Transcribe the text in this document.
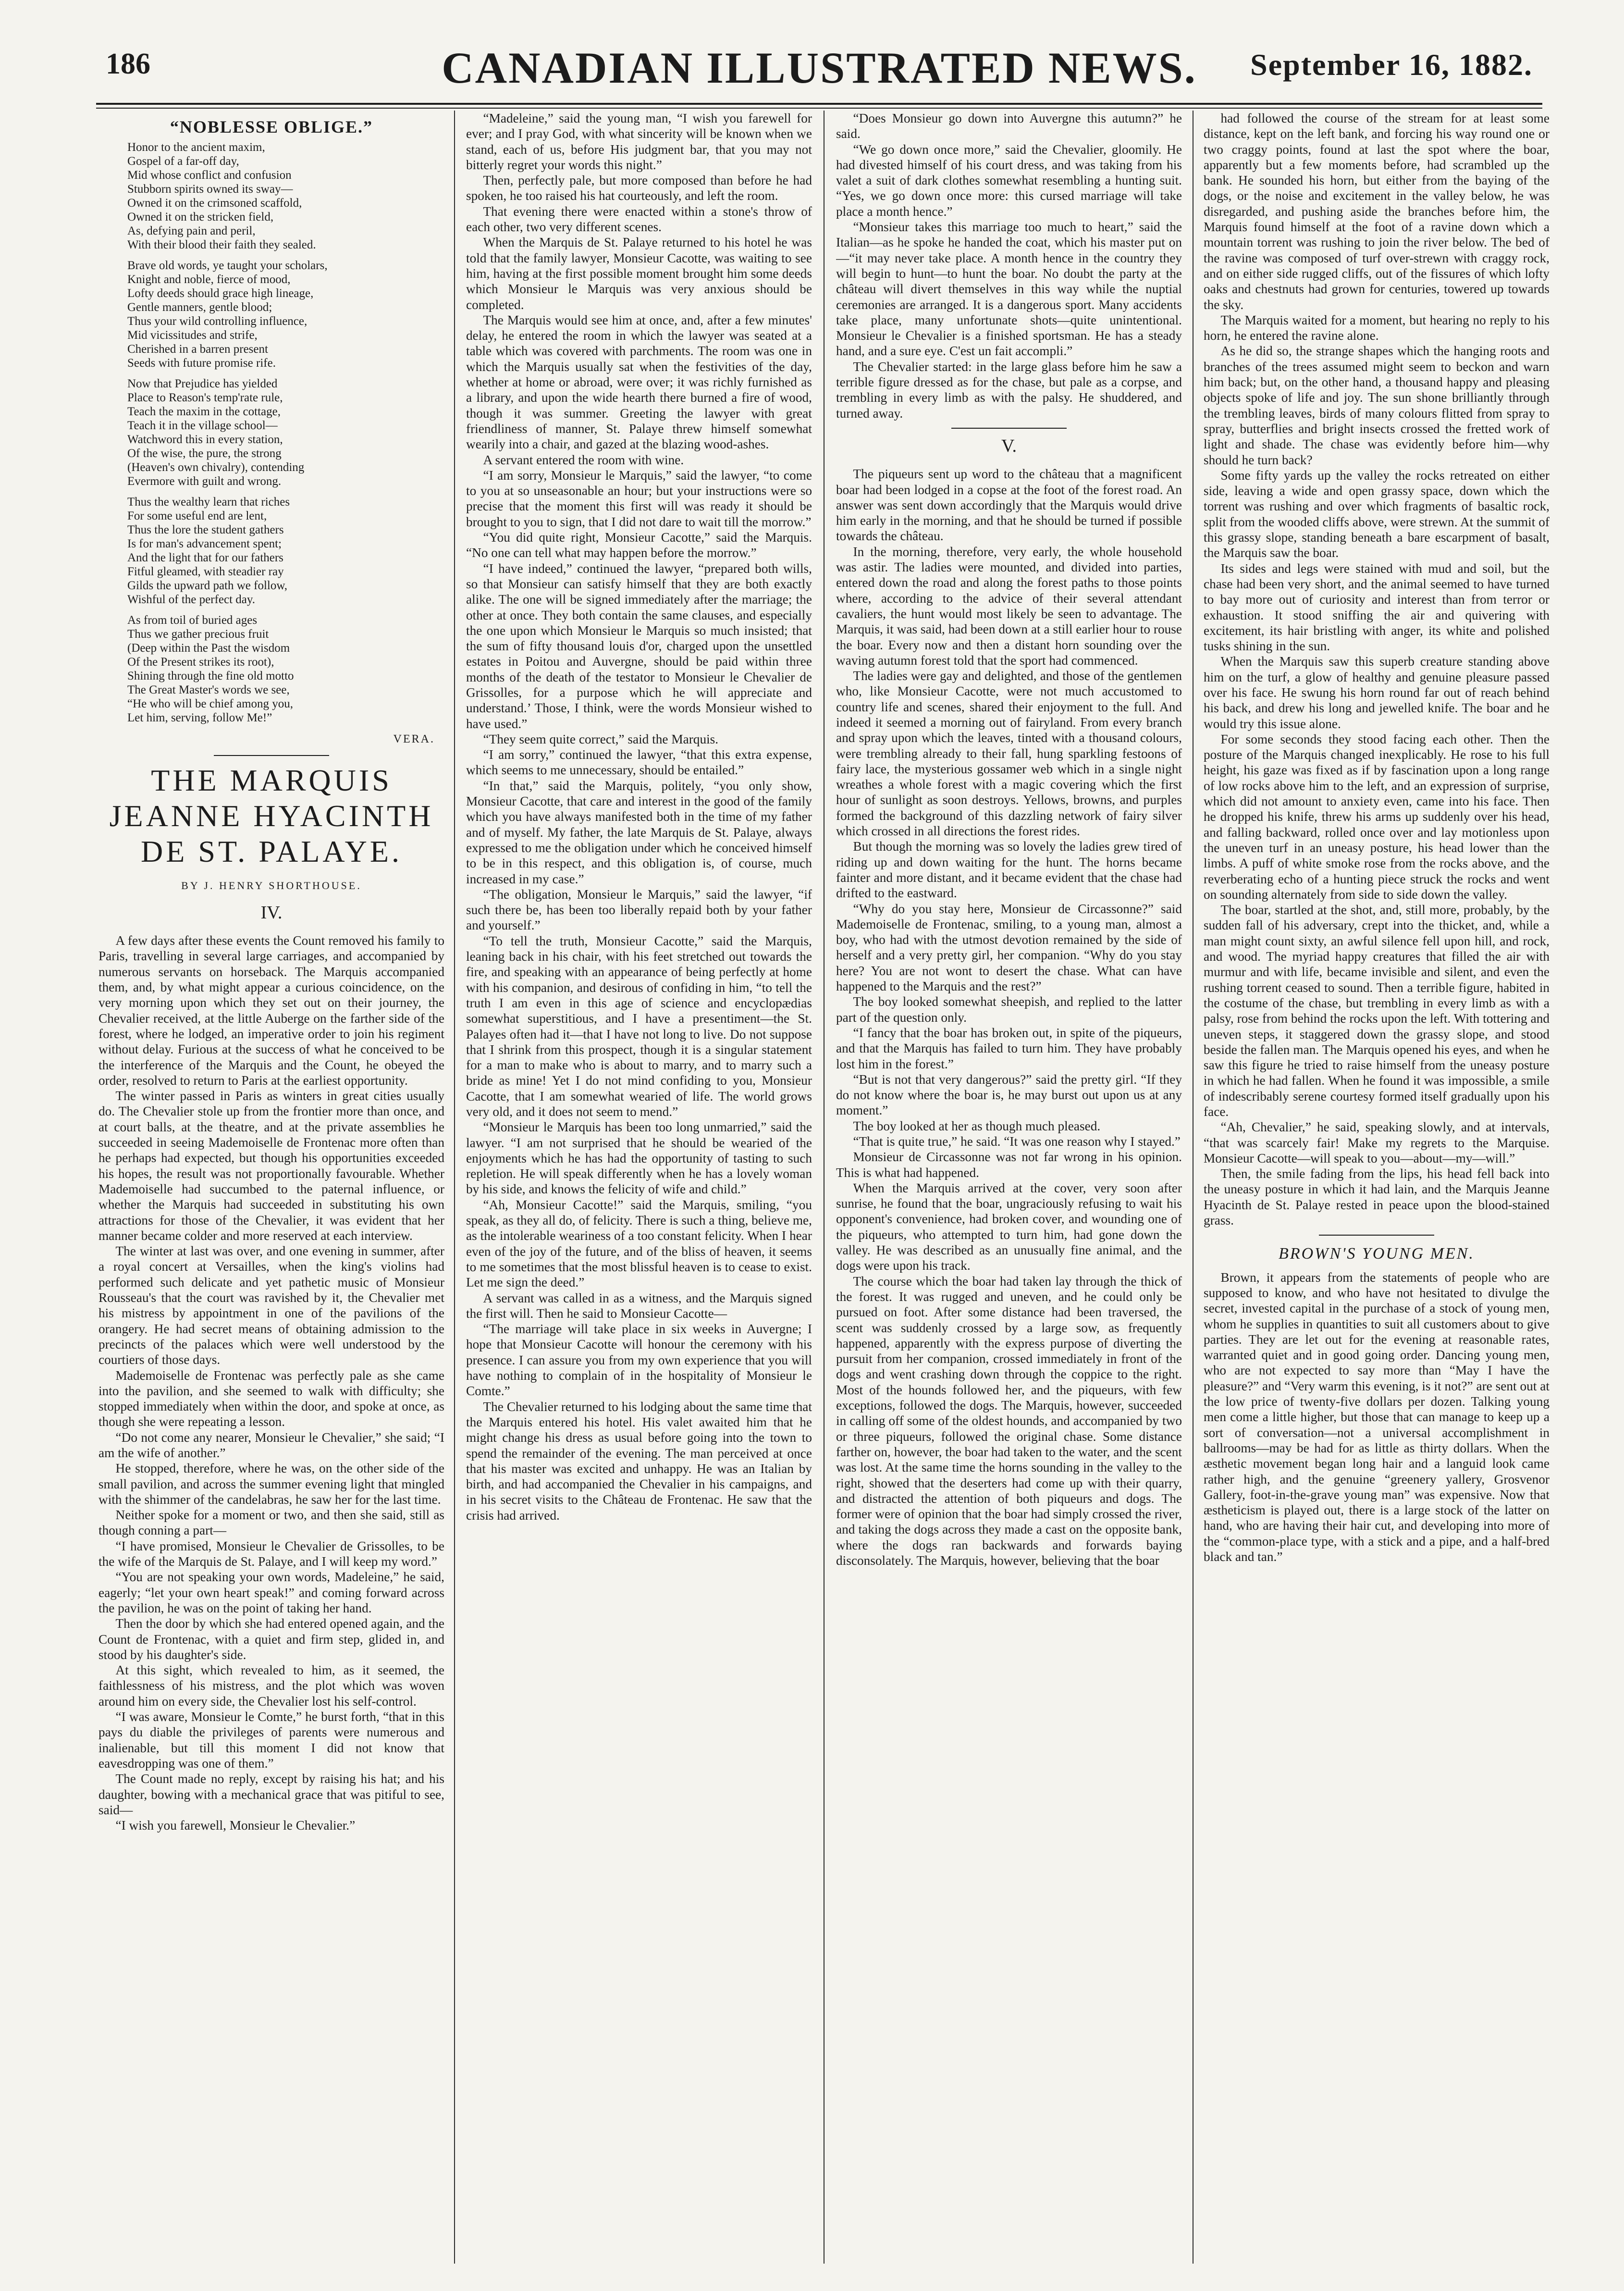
186	CANADIAN ILLUSTRATED NEWS.	September 16, 1882.
“NOBLESSE OBLIGE.”
Honor to the ancient maxim,
Gospel of a far-off day,
Mid whose conflict and confusion
Stubborn spirits owned its sway—
Owned it on the crimsoned scaffold,
Owned it on the stricken field,
As, defying pain and peril,
With their blood their faith they sealed.
Brave old words, ye taught your scholars,
Knight and noble, fierce of mood,
Lofty deeds should grace high lineage,
Gentle manners, gentle blood;
Thus your wild controlling influence,
Mid vicissitudes and strife,
Cherished in a barren present
Seeds with future promise rife.
Now that Prejudice has yielded
Place to Reason's temp'rate rule,
Teach the maxim in the cottage,
Teach it in the village school—
Watchword this in every station,
Of the wise, the pure, the strong
(Heaven's own chivalry), contending
Evermore with guilt and wrong.
Thus the wealthy learn that riches
For some useful end are lent,
Thus the lore the student gathers
Is for man's advancement spent;
And the light that for our fathers
Fitful gleamed, with steadier ray
Gilds the upward path we follow,
Wishful of the perfect day.
As from toil of buried ages
Thus we gather precious fruit
(Deep within the Past the wisdom
Of the Present strikes its root),
Shining through the fine old motto
The Great Master's words we see,
“He who will be chief among you,
Let him, serving, follow Me!”
VERA.
THE MARQUIS JEANNE HYACINTH DE ST. PALAYE.
BY J. HENRY SHORTHOUSE.
IV.

A few days after these events the Count removed his family to Paris, travelling in several large carriages, and accompanied by numerous servants on horseback. The Marquis accompanied them, and, by what might appear a curious coincidence, on the very morning upon which they set out on their journey, the Chevalier received, at the little Auberge on the farther side of the forest, where he lodged, an imperative order to join his regiment without delay. Furious at the success of what he conceived to be the interference of the Marquis and the Count, he obeyed the order, resolved to return to Paris at the earliest opportunity.

The winter passed in Paris as winters in great cities usually do. The Chevalier stole up from the frontier more than once, and at court balls, at the theatre, and at the private assemblies he succeeded in seeing Mademoiselle de Frontenac more often than he perhaps had expected, but though his opportunities exceeded his hopes, the result was not proportionally favourable. Whether Mademoiselle had succumbed to the paternal influence, or whether the Marquis had succeeded in substituting his own attractions for those of the Chevalier, it was evident that her manner became colder and more reserved at each interview.

The winter at last was over, and one evening in summer, after a royal concert at Versailles, when the king's violins had performed such delicate and yet pathetic music of Monsieur Rousseau's that the court was ravished by it, the Chevalier met his mistress by appointment in one of the pavilions of the orangery. He had secret means of obtaining admission to the precincts of the palaces which were well understood by the courtiers of those days.

Mademoiselle de Frontenac was perfectly pale as she came into the pavilion, and she seemed to walk with difficulty; she stopped immediately when within the door, and spoke at once, as though she were repeating a lesson.

“Do not come any nearer, Monsieur le Chevalier,” she said; “I am the wife of another.”

He stopped, therefore, where he was, on the other side of the small pavilion, and across the summer evening light that mingled with the shimmer of the candelabras, he saw her for the last time.

Neither spoke for a moment or two, and then she said, still as though conning a part—

“I have promised, Monsieur le Chevalier de Grissolles, to be the wife of the Marquis de St. Palaye, and I will keep my word.”

“You are not speaking your own words, Madeleine,” he said, eagerly; “let your own heart speak!” and coming forward across the pavilion, he was on the point of taking her hand.

Then the door by which she had entered opened again, and the Count de Frontenac, with a quiet and firm step, glided in, and stood by his daughter's side.

At this sight, which revealed to him, as it seemed, the faithlessness of his mistress, and the plot which was woven around him on every side, the Chevalier lost his self-control.

“I was aware, Monsieur le Comte,” he burst forth, “that in this pays du diable the privileges of parents were numerous and inalienable, but till this moment I did not know that eavesdropping was one of them.”

The Count made no reply, except by raising his hat; and his daughter, bowing with a mechanical grace that was pitiful to see, said—

“I wish you farewell, Monsieur le Chevalier.”

“Madeleine,” said the young man, “I wish you farewell for ever; and I pray God, with what sincerity will be known when we stand, each of us, before His judgment bar, that you may not bitterly regret your words this night.”

Then, perfectly pale, but more composed than before he had spoken, he too raised his hat courteously, and left the room.

That evening there were enacted within a stone's throw of each other, two very different scenes.

When the Marquis de St. Palaye returned to his hotel he was told that the family lawyer, Monsieur Cacotte, was waiting to see him, having at the first possible moment brought him some deeds which Monsieur le Marquis was very anxious should be completed.

The Marquis would see him at once, and, after a few minutes' delay, he entered the room in which the lawyer was seated at a table which was covered with parchments. The room was one in which the Marquis usually sat when the festivities of the day, whether at home or abroad, were over; it was richly furnished as a library, and upon the wide hearth there burned a fire of wood, though it was summer. Greeting the lawyer with great friendliness of manner, St. Palaye threw himself somewhat wearily into a chair, and gazed at the blazing wood-ashes.

A servant entered the room with wine.

“I am sorry, Monsieur le Marquis,” said the lawyer, “to come to you at so unseasonable an hour; but your instructions were so precise that the moment this first will was ready it should be brought to you to sign, that I did not dare to wait till the morrow.”

“You did quite right, Monsieur Cacotte,” said the Marquis. “No one can tell what may happen before the morrow.”

“I have indeed,” continued the lawyer, “prepared both wills, so that Monsieur can satisfy himself that they are both exactly alike. The one will be signed immediately after the marriage; the other at once. They both contain the same clauses, and especially the one upon which Monsieur le Marquis so much insisted; that the sum of fifty thousand louis d'or, charged upon the unsettled estates in Poitou and Auvergne, should be paid within three months of the death of the testator to Monsieur le Chevalier de Grissolles, for a purpose which he will appreciate and understand.’ Those, I think, were the words Monsieur wished to have used.”

“They seem quite correct,” said the Marquis.

“I am sorry,” continued the lawyer, “that this extra expense, which seems to me unnecessary, should be entailed.”

“In that,” said the Marquis, politely, “you only show, Monsieur Cacotte, that care and interest in the good of the family which you have always manifested both in the time of my father and of myself. My father, the late Marquis de St. Palaye, always expressed to me the obligation under which he conceived himself to be in this respect, and this obligation is, of course, much increased in my case.”

“The obligation, Monsieur le Marquis,” said the lawyer, “if such there be, has been too liberally repaid both by your father and yourself.”

“To tell the truth, Monsieur Cacotte,” said the Marquis, leaning back in his chair, with his feet stretched out towards the fire, and speaking with an appearance of being perfectly at home with his companion, and desirous of confiding in him, “to tell the truth I am even in this age of science and encyclopædias somewhat superstitious, and I have a presentiment—the St. Palayes often had it—that I have not long to live. Do not suppose that I shrink from this prospect, though it is a singular statement for a man to make who is about to marry, and to marry such a bride as mine! Yet I do not mind confiding to you, Monsieur Cacotte, that I am somewhat wearied of life. The world grows very old, and it does not seem to mend.”

“Monsieur le Marquis has been too long unmarried,” said the lawyer. “I am not surprised that he should be wearied of the enjoyments which he has had the opportunity of tasting to such repletion. He will speak differently when he has a lovely woman by his side, and knows the felicity of wife and child.”

“Ah, Monsieur Cacotte!” said the Marquis, smiling, “you speak, as they all do, of felicity. There is such a thing, believe me, as the intolerable weariness of a too constant felicity. When I hear even of the joy of the future, and of the bliss of heaven, it seems to me sometimes that the most blissful heaven is to cease to exist. Let me sign the deed.”

A servant was called in as a witness, and the Marquis signed the first will. Then he said to Monsieur Cacotte—

“The marriage will take place in six weeks in Auvergne; I hope that Monsieur Cacotte will honour the ceremony with his presence. I can assure you from my own experience that you will have nothing to complain of in the hospitality of Monsieur le Comte.”

The Chevalier returned to his lodging about the same time that the Marquis entered his hotel. His valet awaited him that he might change his dress as usual before going into the town to spend the remainder of the evening. The man perceived at once that his master was excited and unhappy. He was an Italian by birth, and had accompanied the Chevalier in his campaigns, and in his secret visits to the Château de Frontenac. He saw that the crisis had arrived.

“Does Monsieur go down into Auvergne this autumn?” he said.

“We go down once more,” said the Chevalier, gloomily. He had divested himself of his court dress, and was taking from his valet a suit of dark clothes somewhat resembling a hunting suit. “Yes, we go down once more: this cursed marriage will take place a month hence.”

“Monsieur takes this marriage too much to heart,” said the Italian—as he spoke he handed the coat, which his master put on—“it may never take place. A month hence in the country they will begin to hunt—to hunt the boar. No doubt the party at the château will divert themselves in this way while the nuptial ceremonies are arranged. It is a dangerous sport. Many accidents take place, many unfortunate shots—quite unintentional. Monsieur le Chevalier is a finished sportsman. He has a steady hand, and a sure eye. C'est un fait accompli.”

The Chevalier started: in the large glass before him he saw a terrible figure dressed as for the chase, but pale as a corpse, and trembling in every limb as with the palsy. He shuddered, and turned away.

V.

The piqueurs sent up word to the château that a magnificent boar had been lodged in a copse at the foot of the forest road. An answer was sent down accordingly that the Marquis would drive him early in the morning, and that he should be turned if possible towards the château.

In the morning, therefore, very early, the whole household was astir. The ladies were mounted, and divided into parties, entered down the road and along the forest paths to those points where, according to the advice of their several attendant cavaliers, the hunt would most likely be seen to advantage. The Marquis, it was said, had been down at a still earlier hour to rouse the boar. Every now and then a distant horn sounding over the waving autumn forest told that the sport had commenced.

The ladies were gay and delighted, and those of the gentlemen who, like Monsieur Cacotte, were not much accustomed to country life and scenes, shared their enjoyment to the full. And indeed it seemed a morning out of fairyland. From every branch and spray upon which the leaves, tinted with a thousand colours, were trembling already to their fall, hung sparkling festoons of fairy lace, the mysterious gossamer web which in a single night wreathes a whole forest with a magic covering which the first hour of sunlight as soon destroys. Yellows, browns, and purples formed the background of this dazzling network of fairy silver which crossed in all directions the forest rides.

But though the morning was so lovely the ladies grew tired of riding up and down waiting for the hunt. The horns became fainter and more distant, and it became evident that the chase had drifted to the eastward.

“Why do you stay here, Monsieur de Circassonne?” said Mademoiselle de Frontenac, smiling, to a young man, almost a boy, who had with the utmost devotion remained by the side of herself and a very pretty girl, her companion. “Why do you stay here? You are not wont to desert the chase. What can have happened to the Marquis and the rest?”

The boy looked somewhat sheepish, and replied to the latter part of the question only.

“I fancy that the boar has broken out, in spite of the piqueurs, and that the Marquis has failed to turn him. They have probably lost him in the forest.”

“But is not that very dangerous?” said the pretty girl. “If they do not know where the boar is, he may burst out upon us at any moment.”

The boy looked at her as though much pleased.

“That is quite true,” he said. “It was one reason why I stayed.”

Monsieur de Circassonne was not far wrong in his opinion. This is what had happened.

When the Marquis arrived at the cover, very soon after sunrise, he found that the boar, ungraciously refusing to wait his opponent's convenience, had broken cover, and wounding one of the piqueurs, who attempted to turn him, had gone down the valley. He was described as an unusually fine animal, and the dogs were upon his track.

The course which the boar had taken lay through the thick of the forest. It was rugged and uneven, and he could only be pursued on foot. After some distance had been traversed, the scent was suddenly crossed by a large sow, as frequently happened, apparently with the express purpose of diverting the pursuit from her companion, crossed immediately in front of the dogs and went crashing down through the coppice to the right. Most of the hounds followed her, and the piqueurs, with few exceptions, followed the dogs. The Marquis, however, succeeded in calling off some of the oldest hounds, and accompanied by two or three piqueurs, followed the original chase. Some distance farther on, however, the boar had taken to the water, and the scent was lost. At the same time the horns sounding in the valley to the right, showed that the deserters had come up with their quarry, and distracted the attention of both piqueurs and dogs. The former were of opinion that the boar had simply crossed the river, and taking the dogs across they made a cast on the opposite bank, where the dogs ran backwards and forwards baying disconsolately. The Marquis, however, believing that the boar

had followed the course of the stream for at least some distance, kept on the left bank, and forcing his way round one or two craggy points, found at last the spot where the boar, apparently but a few moments before, had scrambled up the bank. He sounded his horn, but either from the baying of the dogs, or the noise and excitement in the valley below, he was disregarded, and pushing aside the branches before him, the Marquis found himself at the foot of a ravine down which a mountain torrent was rushing to join the river below. The bed of the ravine was composed of turf over-strewn with craggy rock, and on either side rugged cliffs, out of the fissures of which lofty oaks and chestnuts had grown for centuries, towered up towards the sky.

The Marquis waited for a moment, but hearing no reply to his horn, he entered the ravine alone.

As he did so, the strange shapes which the hanging roots and branches of the trees assumed might seem to beckon and warn him back; but, on the other hand, a thousand happy and pleasing objects spoke of life and joy. The sun shone brilliantly through the trembling leaves, birds of many colours flitted from spray to spray, butterflies and bright insects crossed the fretted work of light and shade. The chase was evidently before him—why should he turn back?

Some fifty yards up the valley the rocks retreated on either side, leaving a wide and open grassy space, down which the torrent was rushing and over which fragments of basaltic rock, split from the wooded cliffs above, were strewn. At the summit of this grassy slope, standing beneath a bare escarpment of basalt, the Marquis saw the boar.

Its sides and legs were stained with mud and soil, but the chase had been very short, and the animal seemed to have turned to bay more out of curiosity and interest than from terror or exhaustion. It stood sniffing the air and quivering with excitement, its hair bristling with anger, its white and polished tusks shining in the sun.

When the Marquis saw this superb creature standing above him on the turf, a glow of healthy and genuine pleasure passed over his face. He swung his horn round far out of reach behind his back, and drew his long and jewelled knife. The boar and he would try this issue alone.

For some seconds they stood facing each other. Then the posture of the Marquis changed inexplicably. He rose to his full height, his gaze was fixed as if by fascination upon a long range of low rocks above him to the left, and an expression of surprise, which did not amount to anxiety even, came into his face. Then he dropped his knife, threw his arms up suddenly over his head, and falling backward, rolled once over and lay motionless upon the uneven turf in an uneasy posture, his head lower than the limbs. A puff of white smoke rose from the rocks above, and the reverberating echo of a hunting piece struck the rocks and went on sounding alternately from side to side down the valley.

The boar, startled at the shot, and, still more, probably, by the sudden fall of his adversary, crept into the thicket, and, while a man might count sixty, an awful silence fell upon hill, and rock, and wood. The myriad happy creatures that filled the air with murmur and with life, became invisible and silent, and even the rushing torrent ceased to sound. Then a terrible figure, habited in the costume of the chase, but trembling in every limb as with a palsy, rose from behind the rocks upon the left. With tottering and uneven steps, it staggered down the grassy slope, and stood beside the fallen man. The Marquis opened his eyes, and when he saw this figure he tried to raise himself from the uneasy posture in which he had fallen. When he found it was impossible, a smile of indescribably serene courtesy formed itself gradually upon his face.

“Ah, Chevalier,” he said, speaking slowly, and at intervals, “that was scarcely fair! Make my regrets to the Marquise. Monsieur Cacotte—will speak to you—about—my—will.”

Then, the smile fading from the lips, his head fell back into the uneasy posture in which it had lain, and the Marquis Jeanne Hyacinth de St. Palaye rested in peace upon the blood-stained grass.

BROWN'S YOUNG MEN.

Brown, it appears from the statements of people who are supposed to know, and who have not hesitated to divulge the secret, invested capital in the purchase of a stock of young men, whom he supplies in quantities to suit all customers about to give parties. They are let out for the evening at reasonable rates, warranted quiet and in good going order. Dancing young men, who are not expected to say more than “May I have the pleasure?” and “Very warm this evening, is it not?” are sent out at the low price of twenty-five dollars per dozen. Talking young men come a little higher, but those that can manage to keep up a sort of conversation—not a universal accomplishment in ballrooms—may be had for as little as thirty dollars. When the æsthetic movement began long hair and a languid look came rather high, and the genuine “greenery yallery, Grosvenor Gallery, foot-in-the-grave young man” was expensive. Now that æstheticism is played out, there is a large stock of the latter on hand, who are having their hair cut, and developing into more of the “common-place type, with a stick and a pipe, and a half-bred black and tan.”
